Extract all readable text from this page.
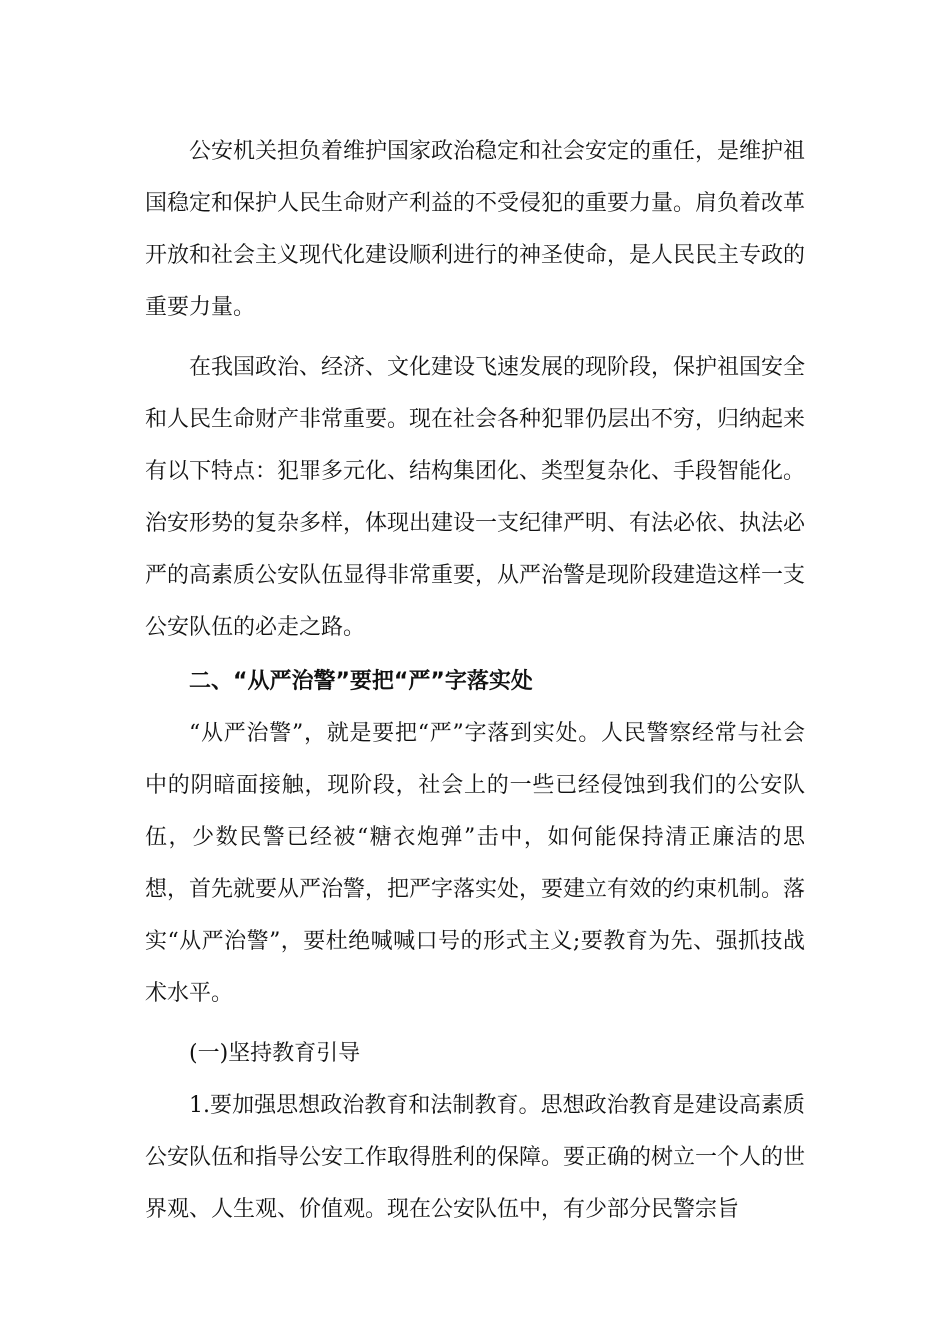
公安机关担负着维护国家政治稳定和社会安定的重任，是维护祖国稳定和保护人民生命财产利益的不受侵犯的重要力量。肩负着改革开放和社会主义现代化建设顺利进行的神圣使命，是人民民主专政的重要力量。

在我国政治、经济、文化建设飞速发展的现阶段，保护祖国安全和人民生命财产非常重要。现在社会各种犯罪仍层出不穷，归纳起来有以下特点：犯罪多元化、结构集团化、类型复杂化、手段智能化。治安形势的复杂多样，体现出建设一支纪律严明、有法必依、执法必严的高素质公安队伍显得非常重要，从严治警是现阶段建造这样一支公安队伍的必走之路。

二、“从严治警”要把“严”字落实处

“从严治警”，就是要把“严”字落到实处。人民警察经常与社会中的阴暗面接触，现阶段，社会上的一些已经侵蚀到我们的公安队伍，少数民警已经被“糖衣炮弹”击中，如何能保持清正廉洁的思想，首先就要从严治警，把严字落实处，要建立有效的约束机制。落实“从严治警”，要杜绝喊喊口号的形式主义;要教育为先、强抓技战术水平。

(一)坚持教育引导

1.要加强思想政治教育和法制教育。思想政治教育是建设高素质公安队伍和指导公安工作取得胜利的保障。要正确的树立一个人的世界观、人生观、价值观。现在公安队伍中，有少部分民警宗旨
